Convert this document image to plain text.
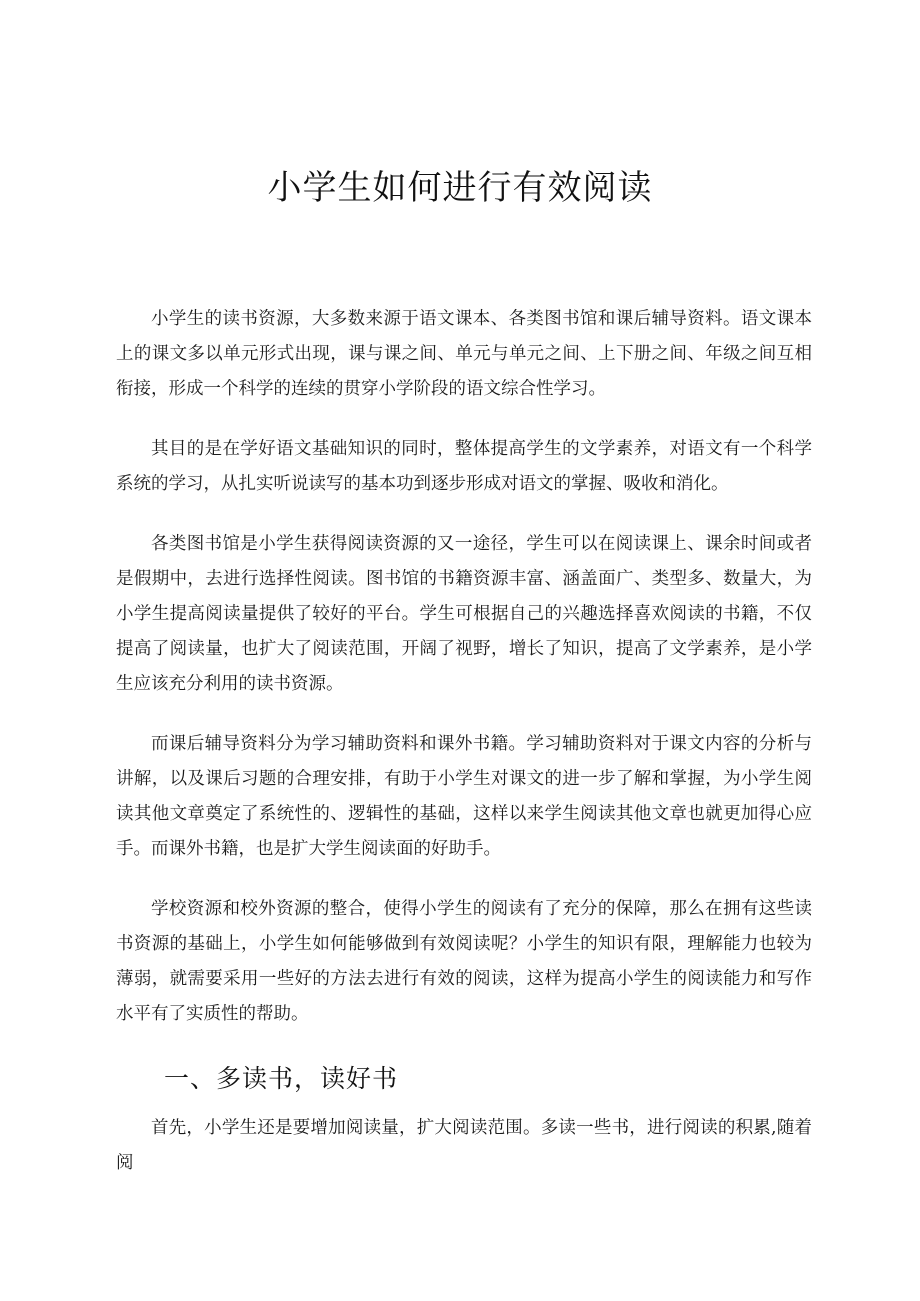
小学生如何进行有效阅读

小学生的读书资源，大多数来源于语文课本、各类图书馆和课后辅导资料。语文课本上的课文多以单元形式出现，课与课之间、单元与单元之间、上下册之间、年级之间互相衔接，形成一个科学的连续的贯穿小学阶段的语文综合性学习。

其目的是在学好语文基础知识的同时，整体提高学生的文学素养，对语文有一个科学系统的学习，从扎实听说读写的基本功到逐步形成对语文的掌握、吸收和消化。

各类图书馆是小学生获得阅读资源的又一途径，学生可以在阅读课上、课余时间或者是假期中，去进行选择性阅读。图书馆的书籍资源丰富、涵盖面广、类型多、数量大，为小学生提高阅读量提供了较好的平台。学生可根据自己的兴趣选择喜欢阅读的书籍，不仅提高了阅读量，也扩大了阅读范围，开阔了视野，增长了知识，提高了文学素养，是小学生应该充分利用的读书资源。

而课后辅导资料分为学习辅助资料和课外书籍。学习辅助资料对于课文内容的分析与讲解，以及课后习题的合理安排，有助于小学生对课文的进一步了解和掌握，为小学生阅读其他文章奠定了系统性的、逻辑性的基础，这样以来学生阅读其他文章也就更加得心应手。而课外书籍，也是扩大学生阅读面的好助手。

学校资源和校外资源的整合，使得小学生的阅读有了充分的保障，那么在拥有这些读书资源的基础上，小学生如何能够做到有效阅读呢？小学生的知识有限，理解能力也较为薄弱，就需要采用一些好的方法去进行有效的阅读，这样为提高小学生的阅读能力和写作水平有了实质性的帮助。

一、多读书，读好书

首先，小学生还是要增加阅读量，扩大阅读范围。多读一些书，进行阅读的积累,随着阅
